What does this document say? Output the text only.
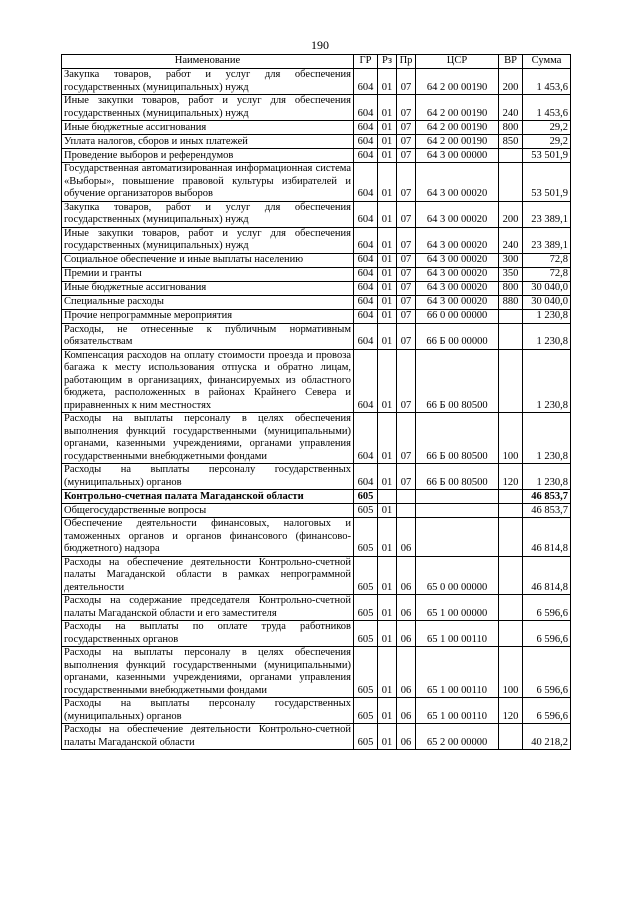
190
Наименование	ГР	Рз	Пр	ЦСР	ВР	Сумма
Закупка товаров, работ и услуг для обеспечения государственных (муниципальных) нужд	604	01	07	64 2 00 00190	200	1 453,6
Иные закупки товаров, работ и услуг для обеспечения государственных (муниципальных) нужд	604	01	07	64 2 00 00190	240	1 453,6
Иные бюджетные ассигнования	604	01	07	64 2 00 00190	800	29,2
Уплата налогов, сборов и иных платежей	604	01	07	64 2 00 00190	850	29,2
Проведение выборов и референдумов	604	01	07	64 3 00 00000		53 501,9
Государственная автоматизированная информационная система «Выборы», повышение правовой культуры избирателей и обучение организаторов выборов	604	01	07	64 3 00 00020		53 501,9
Закупка товаров, работ и услуг для обеспечения государственных (муниципальных) нужд	604	01	07	64 3 00 00020	200	23 389,1
Иные закупки товаров, работ и услуг для обеспечения государственных (муниципальных) нужд	604	01	07	64 3 00 00020	240	23 389,1
Социальное обеспечение и иные выплаты населению	604	01	07	64 3 00 00020	300	72,8
Премии и гранты	604	01	07	64 3 00 00020	350	72,8
Иные бюджетные ассигнования	604	01	07	64 3 00 00020	800	30 040,0
Специальные расходы	604	01	07	64 3 00 00020	880	30 040,0
Прочие непрограммные мероприятия	604	01	07	66 0 00 00000		1 230,8
Расходы, не отнесенные к публичным нормативным обязательствам	604	01	07	66 Б 00 00000		1 230,8
Компенсация расходов на оплату стоимости проезда и провоза багажа к месту использования отпуска и обратно лицам, работающим в организациях, финансируемых из областного бюджета, расположенных в районах Крайнего Севера и приравненных к ним местностях	604	01	07	66 Б 00 80500		1 230,8
Расходы на выплаты персоналу в целях обеспечения выполнения функций государственными (муниципальными) органами, казенными учреждениями, органами управления государственными внебюджетными фондами	604	01	07	66 Б 00 80500	100	1 230,8
Расходы на выплаты персоналу государственных (муниципальных) органов	604	01	07	66 Б 00 80500	120	1 230,8
Контрольно-счетная палата Магаданской области	605					46 853,7
Общегосударственные вопросы	605	01				46 853,7
Обеспечение деятельности финансовых, налоговых и таможенных органов и органов финансового (финансово-бюджетного) надзора	605	01	06			46 814,8
Расходы на обеспечение деятельности Контрольно-счетной палаты Магаданской области в рамках непрограммной деятельности	605	01	06	65 0 00 00000		46 814,8
Расходы на содержание председателя Контрольно-счетной палаты Магаданской области и его заместителя	605	01	06	65 1 00 00000		6 596,6
Расходы на выплаты по оплате труда работников государственных органов	605	01	06	65 1 00 00110		6 596,6
Расходы на выплаты персоналу в целях обеспечения выполнения функций государственными (муниципальными) органами, казенными учреждениями, органами управления государственными внебюджетными фондами	605	01	06	65 1 00 00110	100	6 596,6
Расходы на выплаты персоналу государственных (муниципальных) органов	605	01	06	65 1 00 00110	120	6 596,6
Расходы на обеспечение деятельности Контрольно-счетной палаты Магаданской области	605	01	06	65 2 00 00000		40 218,2
